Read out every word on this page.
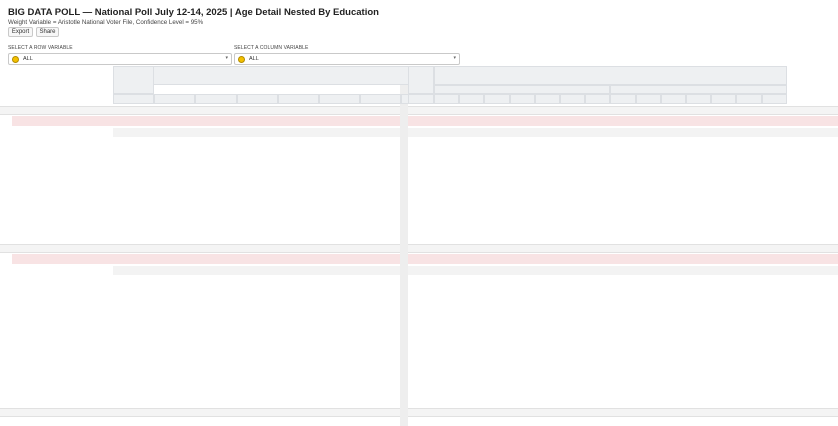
BIG DATA POLL — National Poll July 12-14, 2025 | Age Detail Nested By Education
Weight Variable = Aristotle National Voter File, Confidence Level = 95%
Export	Share
SELECT A ROW VARIABLE	SELECT A COLUMN VARIABLE
ALL	▾	ALL	▾
